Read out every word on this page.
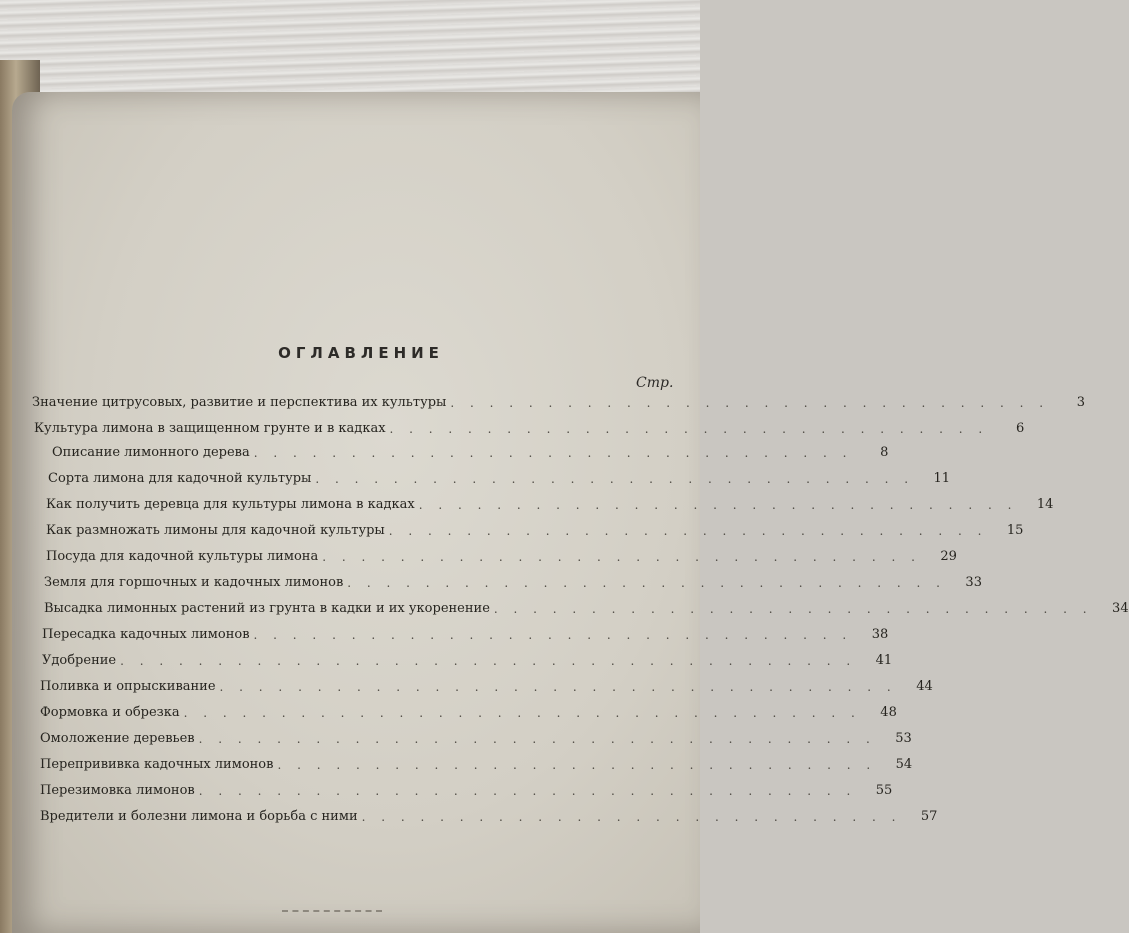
ОГЛАВЛЕНИЕ
Стр.
Значение цитрусовых, развитие и перспектива их культуры . . . . . . . . . . . . . . . . . . . . . . . . . . . . . . .	3
Культура лимона в защищенном грунте и в кадках . . . . . . . . . . . . . . . . . . . . . . . . . . . . . . .	6
Описание лимонного дерева . . . . . . . . . . . . . . . . . . . . . . . . . . . . . . .	8
Сорта лимона для кадочной культуры . . . . . . . . . . . . . . . . . . . . . . . . . . . . . . .	11
Как получить деревца для культуры лимона в кадках . . . . . . . . . . . . . . . . . . . . . . . . . . . . . . .	14
Как размножать лимоны для кадочной культуры . . . . . . . . . . . . . . . . . . . . . . . . . . . . . . .	15
Посуда для кадочной культуры лимона . . . . . . . . . . . . . . . . . . . . . . . . . . . . . . .	29
Земля для горшочных и кадочных лимонов . . . . . . . . . . . . . . . . . . . . . . . . . . . . . . .	33
Высадка лимонных растений из грунта в кадки и их укоренение . . . . . . . . . . . . . . . . . . . . . . . . . . . . . . .	34
Пересадка кадочных лимонов . . . . . . . . . . . . . . . . . . . . . . . . . . . . . . .	38
Удобрение . . . . . . . . . . . . . . . . . . . . . . . . . . . . . . . . . . . . . .	41
Поливка и опрыскивание . . . . . . . . . . . . . . . . . . . . . . . . . . . . . . . . . . .	44
Формовка и обрезка . . . . . . . . . . . . . . . . . . . . . . . . . . . . . . . . . . .	48
Омоложение деревьев . . . . . . . . . . . . . . . . . . . . . . . . . . . . . . . . . . .	53
Перепрививка кадочных лимонов . . . . . . . . . . . . . . . . . . . . . . . . . . . . . . .	54
Перезимовка лимонов . . . . . . . . . . . . . . . . . . . . . . . . . . . . . . . . . .	55
Вредители и болезни лимона и борьба с ними . . . . . . . . . . . . . . . . . . . . . . . . . . . .	57
